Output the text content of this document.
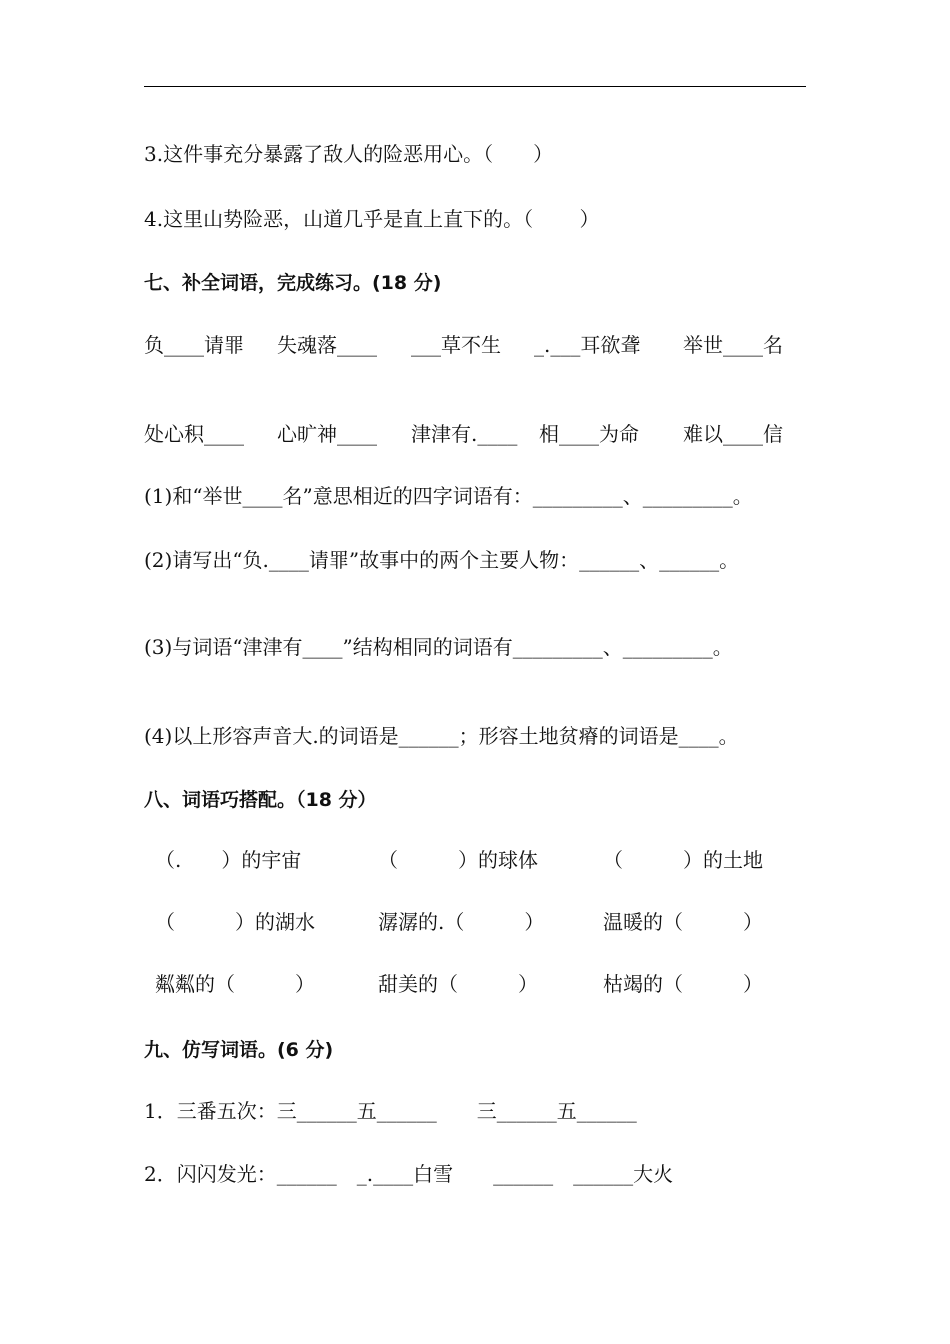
3.这件事充分暴露了敌人的险恶用心。（　　）
4.这里山势险恶，山道几乎是直上直下的。（　　 ）
七、补全词语，完成练习。(18 分)
负____请罪 失魂落____ ___草不生 _.___耳欲聋 举世____名
处心积____ 心旷神____ 津津有.____ 相____为命 难以____信
(1)和“举世____名”意思相近的四字词语有：_________、_________。
(2)请写出“负.____请罪”故事中的两个主要人物：______、______。
(3)与词语“津津有____”结构相同的词语有_________、_________。
(4)以上形容声音大.的词语是______；形容土地贫瘠的词语是____。
八、词语巧搭配。（18 分）
（.　　）的宇宙	（　　　）的球体	（　　　）的土地
（　　　）的湖水	潺潺的.（　　　）	温暖的（　　　）
粼粼的（　　　）	甜美的（　　　）	枯竭的（　　　）
九、仿写词语。(6 分)
1．三番五次：三______五______　　三______五______
2．闪闪发光：______　_.____白雪　　______　______大火
